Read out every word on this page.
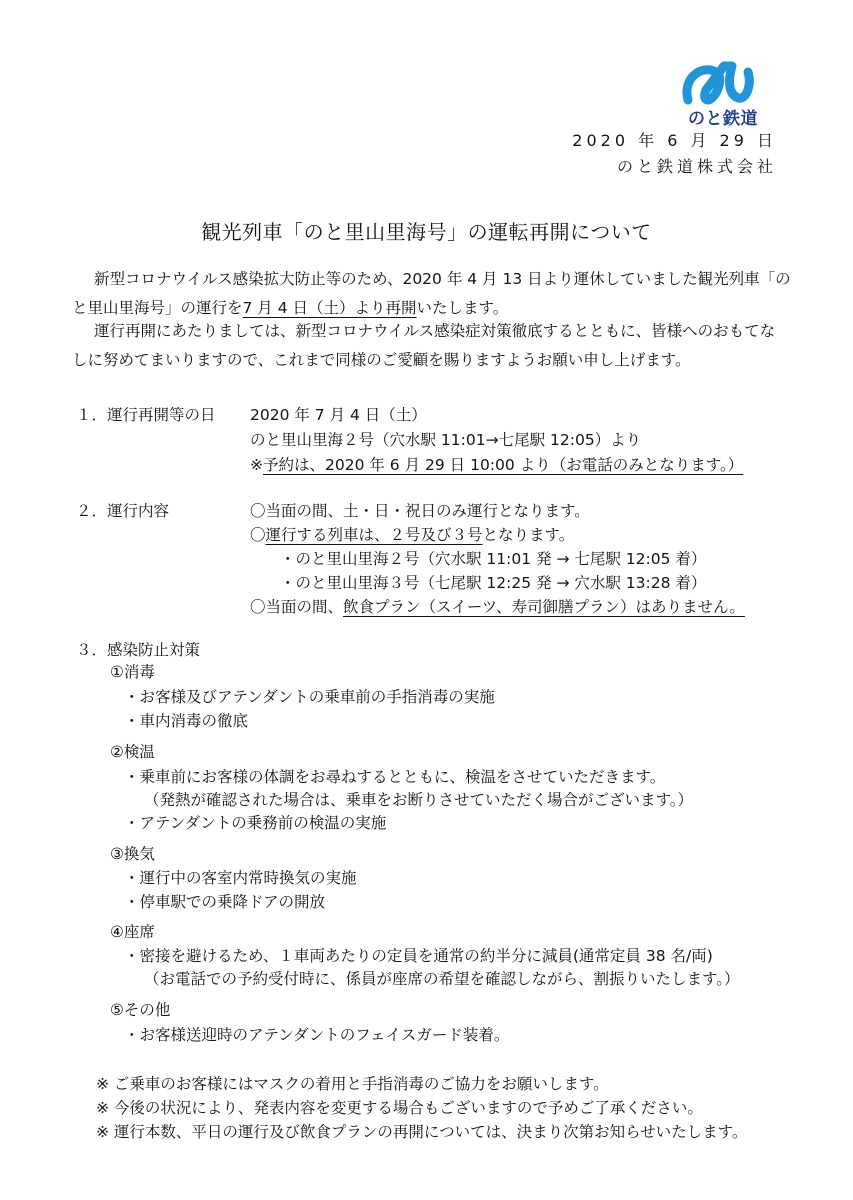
のと鉄道
2020 年 6 月 29 日
のと鉄道株式会社
観光列車「のと里山里海号」の運転再開について
新型コロナウイルス感染拡大防止等のため、2020 年 4 月 13 日より運休していました観光列車「の
と里山里海号」の運行を7 月 4 日（土）より再開いたします。
運行再開にあたりましては、新型コロナウイルス感染症対策徹底するとともに、皆様へのおもてな
しに努めてまいりますので、これまで同様のご愛顧を賜りますようお願い申し上げます。
１．運行再開等の日 2020 年 7 月 4 日（土）
のと里山里海２号（穴水駅 11:01→七尾駅 12:05）より
※予約は、2020 年 6 月 29 日 10:00 より（お電話のみとなります。）
２．運行内容	〇当面の間、土・日・祝日のみ運行となります。
〇運行する列車は、２号及び３号となります。
・のと里山里海２号（穴水駅 11:01 発 → 七尾駅 12:05 着）
・のと里山里海３号（七尾駅 12:25 発 → 穴水駅 13:28 着）
〇当面の間、飲食プラン（スイーツ、寿司御膳プラン）はありません。
３．感染防止対策
①消毒
・お客様及びアテンダントの乗車前の手指消毒の実施
・車内消毒の徹底
②検温
・乗車前にお客様の体調をお尋ねするとともに、検温をさせていただきます。
（発熱が確認された場合は、乗車をお断りさせていただく場合がございます。）
・アテンダントの乗務前の検温の実施
③換気
・運行中の客室内常時換気の実施
・停車駅での乗降ドアの開放
④座席
・密接を避けるため、１車両あたりの定員を通常の約半分に減員(通常定員 38 名/両)
（お電話での予約受付時に、係員が座席の希望を確認しながら、割振りいたします。）
⑤その他
・お客様送迎時のアテンダントのフェイスガード装着。
※ ご乗車のお客様にはマスクの着用と手指消毒のご協力をお願いします。
※ 今後の状況により、発表内容を変更する場合もございますので予めご了承ください。
※ 運行本数、平日の運行及び飲食プランの再開については、決まり次第お知らせいたします。
